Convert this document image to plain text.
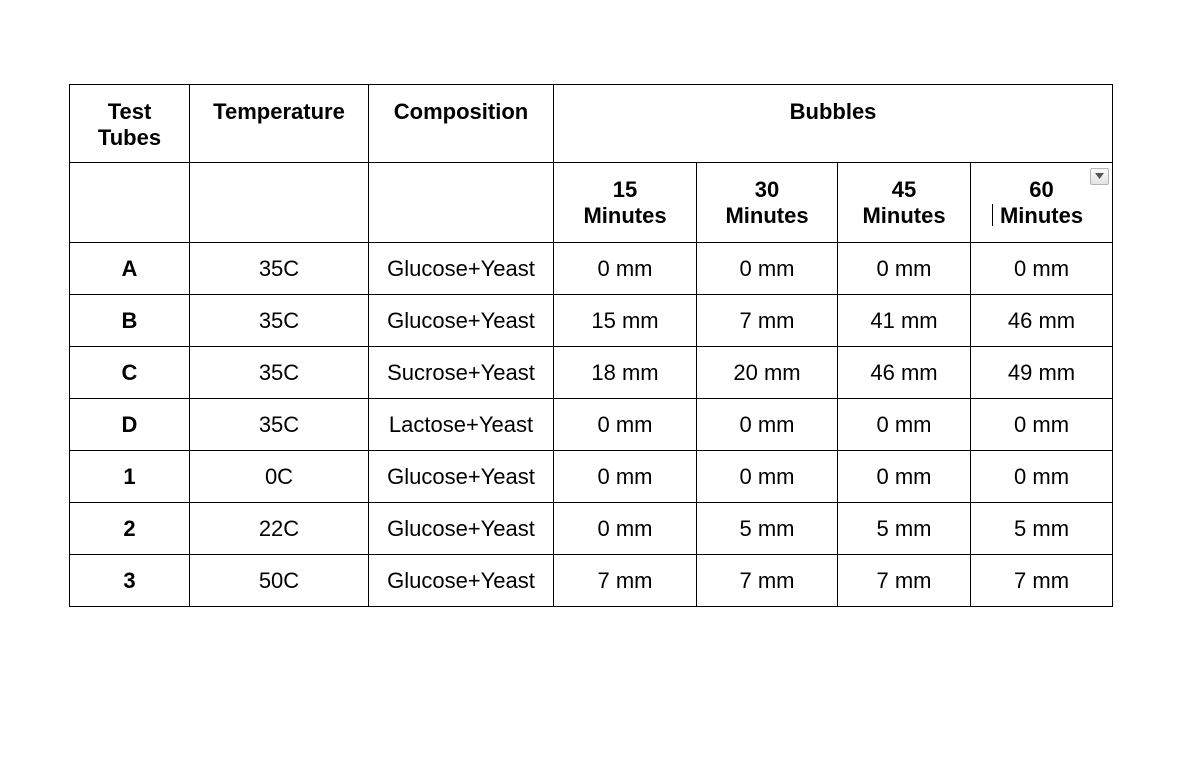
Test Tubes	Temperature	Composition	Bubbles			

			15 Minutes	30 Minutes	45 Minutes	60 Minutes

A	35C	Glucose+Yeast	0 mm	0 mm	0 mm	0 mm
B	35C	Glucose+Yeast	15 mm	7 mm	41 mm	46 mm
C	35C	Sucrose+Yeast	18 mm	20 mm	46 mm	49 mm
D	35C	Lactose+Yeast	0 mm	0 mm	0 mm	0 mm
1	0C	Glucose+Yeast	0 mm	0 mm	0 mm	0 mm
2	22C	Glucose+Yeast	0 mm	5 mm	5 mm	5 mm
3	50C	Glucose+Yeast	7 mm	7 mm	7 mm	7 mm
